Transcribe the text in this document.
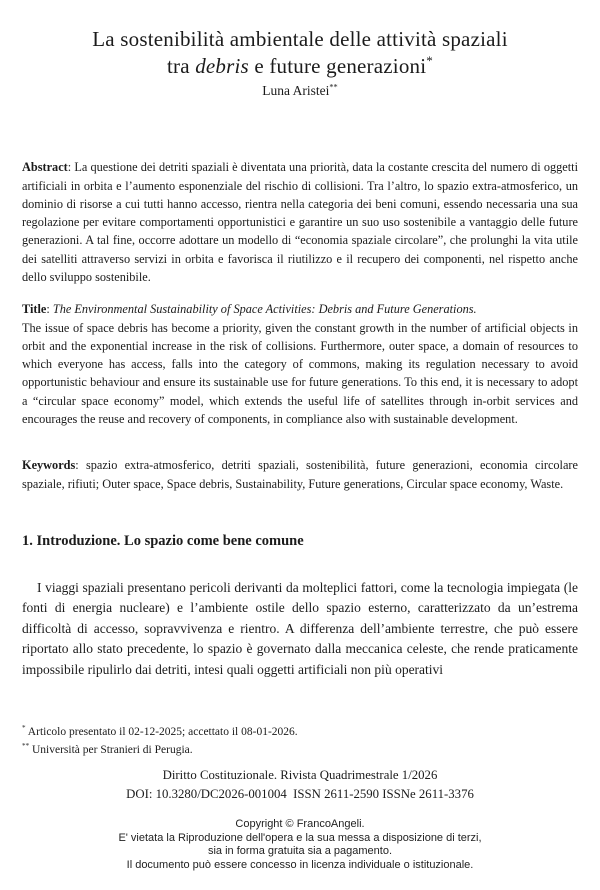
La sostenibilità ambientale delle attività spaziali
tra debris e future generazioni*
Luna Aristei**

Abstract: La questione dei detriti spaziali è diventata una priorità, data la costante crescita del numero di oggetti artificiali in orbita e l’aumento esponenziale del rischio di collisioni. Tra l’altro, lo spazio extra-atmosferico, un dominio di risorse a cui tutti hanno accesso, rientra nella categoria dei beni comuni, essendo necessaria una sua regolazione per evitare comportamenti opportunistici e garantire un suo uso sostenibile a vantaggio delle future generazioni. A tal fine, occorre adottare un modello di “economia spaziale circolare”, che prolunghi la vita utile dei satelliti attraverso servizi in orbita e favorisca il riutilizzo e il recupero dei componenti, nel rispetto anche dello sviluppo sostenibile.

Title: The Environmental Sustainability of Space Activities: Debris and Future Generations.
The issue of space debris has become a priority, given the constant growth in the number of artificial objects in orbit and the exponential increase in the risk of collisions. Furthermore, outer space, a domain of resources to which everyone has access, falls into the category of commons, making its regulation necessary to avoid opportunistic behaviour and ensure its sustainable use for future generations. To this end, it is necessary to adopt a “circular space economy” model, which extends the useful life of satellites through in-orbit services and encourages the reuse and recovery of components, in compliance also with sustainable development.

Keywords: spazio extra-atmosferico, detriti spaziali, sostenibilità, future generazioni, economia circolare spaziale, rifiuti; Outer space, Space debris, Sustainability, Future generations, Circular space economy, Waste.

1. Introduzione. Lo spazio come bene comune

I viaggi spaziali presentano pericoli derivanti da molteplici fattori, come la tecnologia impiegata (le fonti di energia nucleare) e l’ambiente ostile dello spazio esterno, caratterizzato da un’estrema difficoltà di accesso, sopravvivenza e rientro. A differenza dell’ambiente terrestre, che può essere riportato allo stato precedente, lo spazio è governato dalla meccanica celeste, che rende praticamente impossibile ripulirlo dai detriti, intesi quali oggetti artificiali non più operativi

* Articolo presentato il 02-12-2025; accettato il 08-01-2026.
** Università per Stranieri di Perugia.
Diritto Costituzionale. Rivista Quadrimestrale 1/2026
DOI: 10.3280/DC2026-001004  ISSN 2611-2590 ISSNe 2611-3376
Copyright © FrancoAngeli.
E' vietata la Riproduzione dell'opera e la sua messa a disposizione di terzi,
sia in forma gratuita sia a pagamento.
Il documento può essere concesso in licenza individuale o istituzionale.
